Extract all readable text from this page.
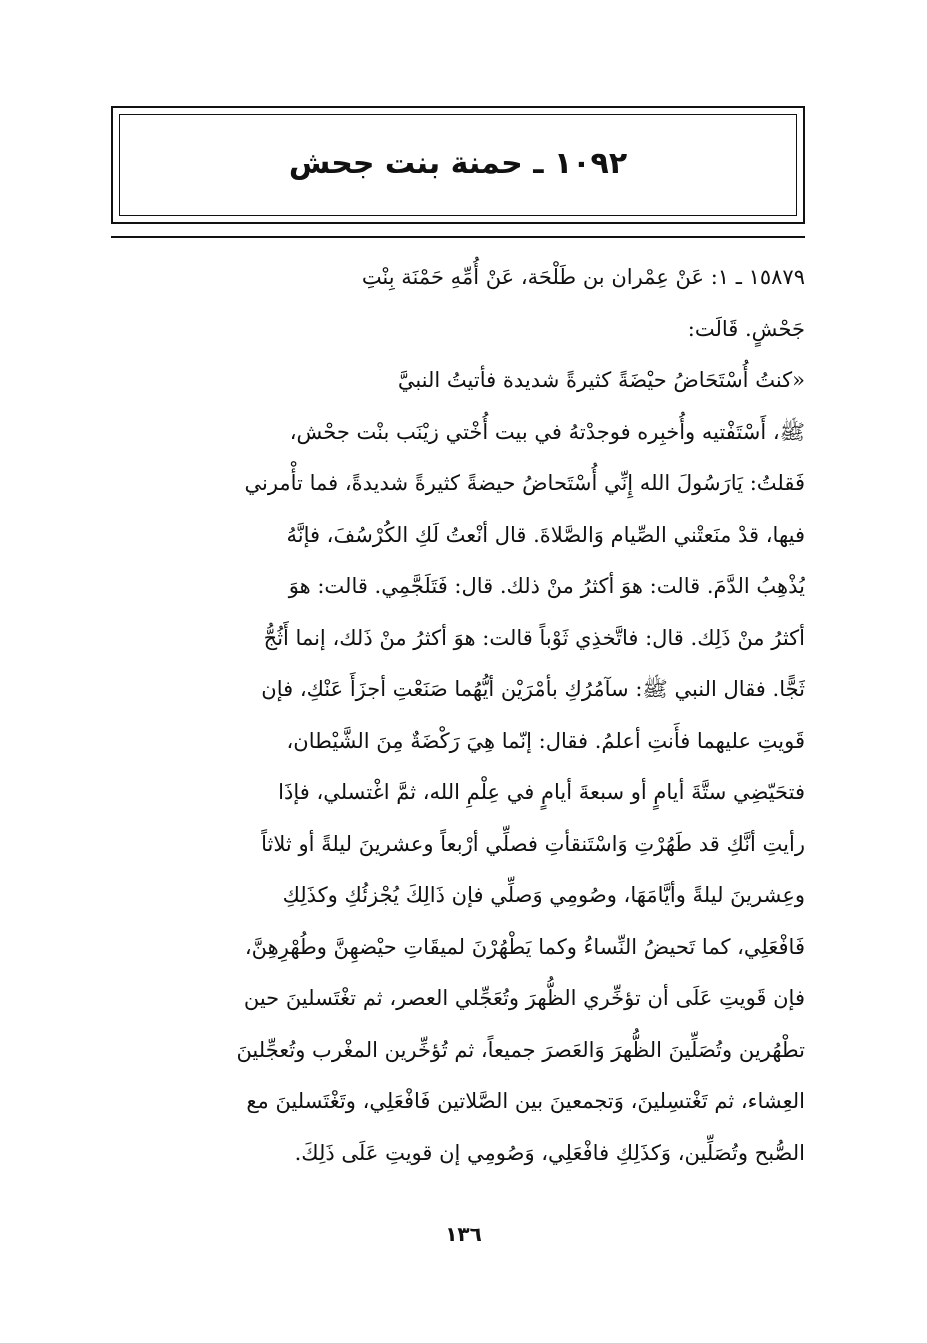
١٠٩٢ ـ حمنة بنت جحش
١٥٨٧٩ ـ ١: عَنْ عِمْران بن طَلْحَة، عَنْ أُمِّهِ حَمْنَة بِنْتِ
جَحْشٍ. قَالَت:
«كنتُ أُسْتَحَاضُ حيْضَةً كثيرةً شديدة فأتيتُ النبيَّ
ﷺ، أَسْتَفْتيه وأُخبِره فوجدْتهُ في بيت أُخْتي زيْنَب بنْت جحْش،
فَقلتُ: يَارَسُولَ الله إِنِّي أُسْتَحاضُ حيضةً كثيرةً شديدةً، فما تأْمرني
فيها، قدْ منَعتْني الصِّيام وَالصَّلاةَ. قال أنْعتُ لَكِ الكُرْسُفَ، فإنَّهُ
يُذْهِبُ الدَّمَ. قالت: هوَ أكثرُ منْ ذلك. قال: فَتَلَجَّمِي. قالت: هوَ
أكثرُ منْ ذَلِك. قال: فاتَّخذِي ثَوْباً قالت: هوَ أكثرُ منْ ذَلك، إنما أَثُجُّ
ثَجًّا. فقال النبي ﷺ: سآمُرُكِ بأمْرَيْن أيُّهُما صَنَعْتِ أجزَأَ عَنْكِ، فإن
قَويتِ عليهما فأَنتِ أعلمُ. فقال: إنّما هِيَ رَكْضَةٌ مِنَ الشَّيْطان،
فتحَيّضِي ستَّةَ أيامٍ أو سبعةَ أيامٍ في عِلْمِ الله، ثمَّ اغْتسلي، فإذَا
رأيتِ أنَّكِ قد طَهُرْتِ وَاسْتَنقأتِ فصلِّي أرْبعاً وعشرينَ ليلةً أو ثلاثاً
وعِشرينَ ليلةً وأيَّامَهَا، وصُومِي وَصلِّي فإن ذَالِكَ يُجْزئُكِ وكذَلِكِ
فَافْعَلِي، كما تَحيضُ النِّساءُ وكما يَطْهُرْنَ لميقَاتِ حيْضهِنَّ وطُهْرِهِنَّ،
فإن قَويتِ عَلَى أن تؤخِّري الظُّهرَ وتُعَجِّلي العصر، ثم تغْتَسلينَ حين
تطْهُرين وتُصَلِّينَ الظُّهرَ وَالعَصرَ جميعاً، ثم تُؤخِّرين المغْرب وتُعجِّلينَ
العِشاء، ثم تَغْتسِلينَ، وَتجمعينَ بين الصَّلاتين فَافْعَلِي، وتَغْتَسلينَ مع
الصُّبح وتُصَلِّين، وَكذَلِكِ فافْعَلِي، وَصُومِي إن قويتِ عَلَى ذَلِكَ.
١٣٦
